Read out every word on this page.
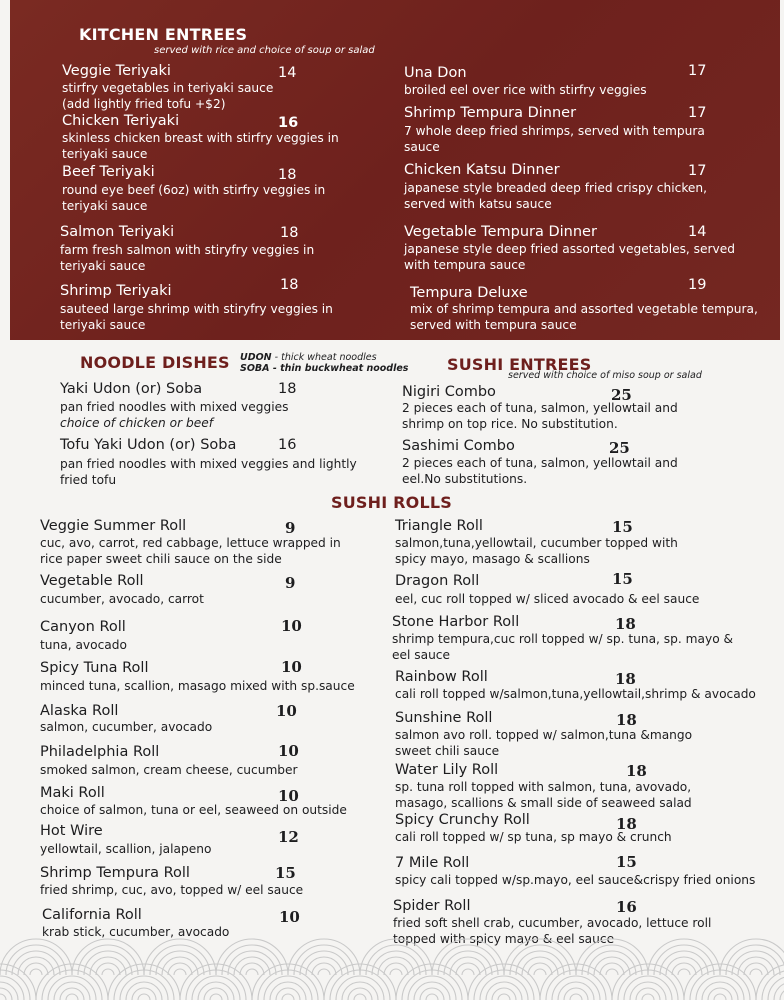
KITCHEN ENTREES
served with rice and choice of soup or salad
Veggie Teriyaki	14
stirfry vegetables in teriyaki sauce
(add lightly fried tofu +$2)
Chicken Teriyaki	16
skinless chicken breast with stirfry veggies in
teriyaki sauce
Beef Teriyaki	18
round eye beef (6oz) with stirfry veggies in
teriyaki sauce
Salmon Teriyaki	18
farm fresh salmon with stiryfry veggies in
teriyaki sauce
Shrimp Teriyaki	18
sauteed large shrimp with stiryfry veggies in
teriyaki sauce
Una Don	17
broiled eel over rice with stirfry veggies
Shrimp Tempura Dinner	17
7 whole deep fried shrimps, served with tempura
sauce
Chicken Katsu Dinner	17
japanese style breaded deep fried crispy chicken,
served with katsu sauce
Vegetable Tempura Dinner	14
japanese style deep fried assorted vegetables, served
with tempura sauce
Tempura Deluxe	19
mix of shrimp tempura and assorted vegetable tempura,
served with tempura sauce
NOODLE DISHES UDON - thick wheat noodles
SOBA - thin buckwheat noodles
Yaki Udon (or) Soba	18
pan fried noodles with mixed veggies
choice of chicken or beef
Tofu Yaki Udon (or) Soba	16
pan fried noodles with mixed veggies and lightly
fried tofu
SUSHI ENTREES
served with choice of miso soup or salad
Nigiri Combo	25
2 pieces each of tuna, salmon, yellowtail and
shrimp on top rice. No substitution.
Sashimi Combo	25
2 pieces each of tuna, salmon, yellowtail and
eel.No substitutions.
SUSHI ROLLS
Veggie Summer Roll	9
cuc, avo, carrot, red cabbage, lettuce wrapped in
rice paper sweet chili sauce on the side
Vegetable Roll	9
cucumber, avocado, carrot
Canyon Roll	10
tuna, avocado
Spicy Tuna Roll	10
minced tuna, scallion, masago mixed with sp.sauce
Alaska Roll	10
salmon, cucumber, avocado
Philadelphia Roll	10
smoked salmon, cream cheese, cucumber
Maki Roll	10
choice of salmon, tuna or eel, seaweed on outside
Hot Wire	12
yellowtail, scallion, jalapeno
Shrimp Tempura Roll	15
fried shrimp, cuc, avo, topped w/ eel sauce
California Roll	10
krab stick, cucumber, avocado
Triangle Roll	15
salmon,tuna,yellowtail, cucumber topped with
spicy mayo, masago & scallions
Dragon Roll	15
eel, cuc roll topped w/ sliced avocado & eel sauce
Stone Harbor Roll	18
shrimp tempura,cuc roll topped w/ sp. tuna, sp. mayo &
eel sauce
Rainbow Roll	18
cali roll topped w/salmon,tuna,yellowtail,shrimp & avocado
Sunshine Roll	18
salmon avo roll. topped w/ salmon,tuna &mango
sweet chili sauce
Water Lily Roll	18
sp. tuna roll topped with salmon, tuna, avovado,
masago, scallions & small side of seaweed salad
Spicy Crunchy Roll	18
cali roll topped w/ sp tuna, sp mayo & crunch
7 Mile Roll	15
spicy cali topped w/sp.mayo, eel sauce&crispy fried onions
Spider Roll	16
fried soft shell crab, cucumber, avocado, lettuce roll
topped with spicy mayo & eel sauce
